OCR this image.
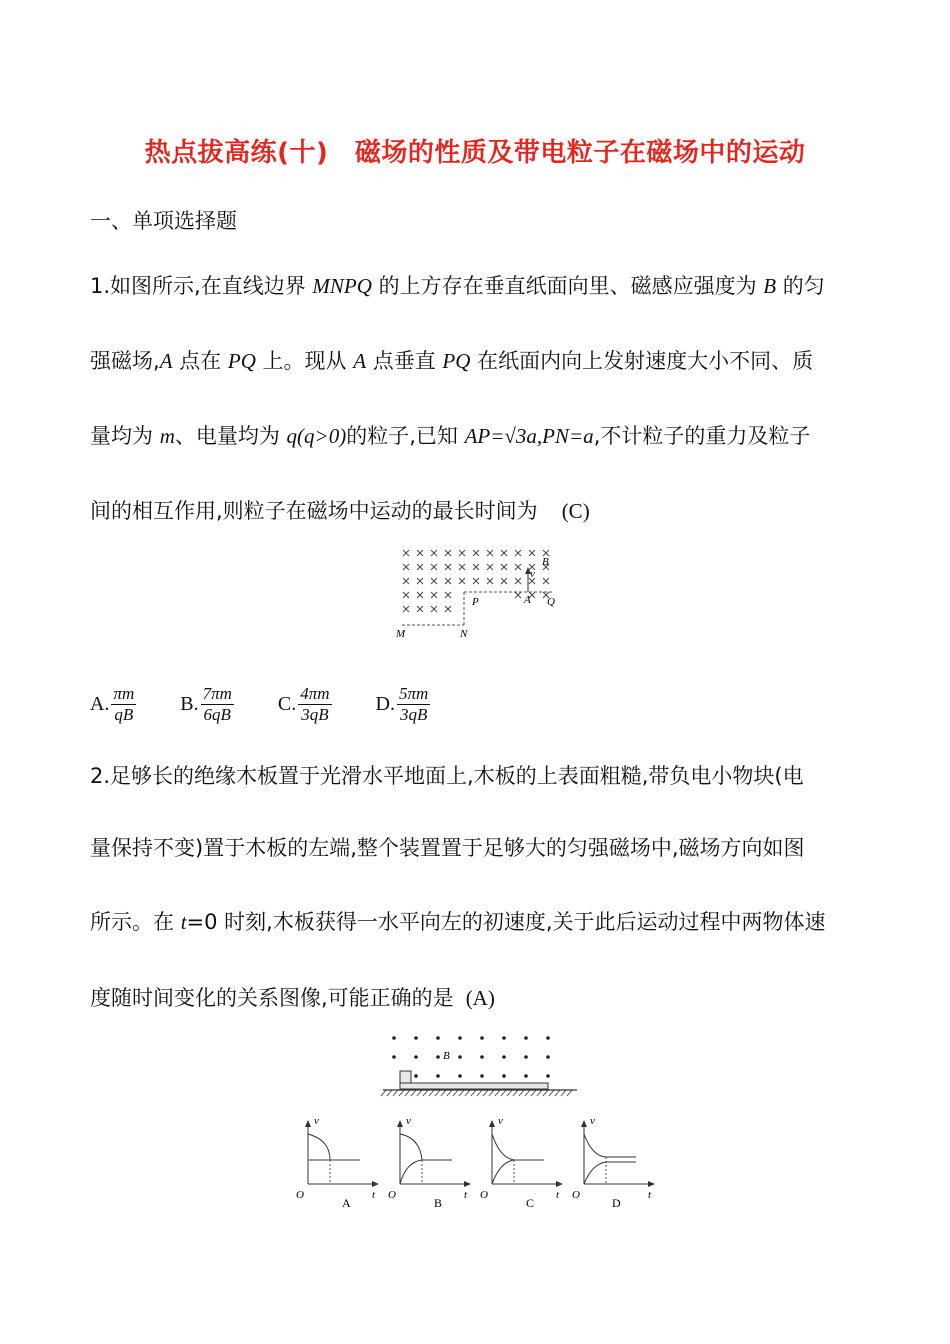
热点拔高练(十)　磁场的性质及带电粒子在磁场中的运动
一、单项选择题
1.如图所示,在直线边界 MNPQ 的上方存在垂直纸面向里、磁感应强度为 B 的匀
强磁场,A 点在 PQ 上。现从 A 点垂直 PQ 在纸面内向上发射速度大小不同、质
量均为 m、电量均为 q(q>0)的粒子,已知 AP=√3a,PN=a,不计粒子的重力及粒子
间的相互作用,则粒子在磁场中运动的最长时间为 (C)
v
B
A
P	Q
M	N
A. $\frac{\pi m}{qB} B$. $\frac{7\pi m}{6qB} C$. $\frac{4\pi m}{3qB} D$. $\frac{5\pi m}{3qB}$
2.足够长的绝缘木板置于光滑水平地面上,木板的上表面粗糙,带负电小物块(电
量保持不变)置于木板的左端,整个装置置于足够大的匀强磁场中,磁场方向如图
所示。在 t=0 时刻,木板获得一水平向左的初速度,关于此后运动过程中两物体速
度随时间变化的关系图像,可能正确的是 (A)
B
v
t
O
A
v
t
O
B
v
t
O
C
v
t
O
D
